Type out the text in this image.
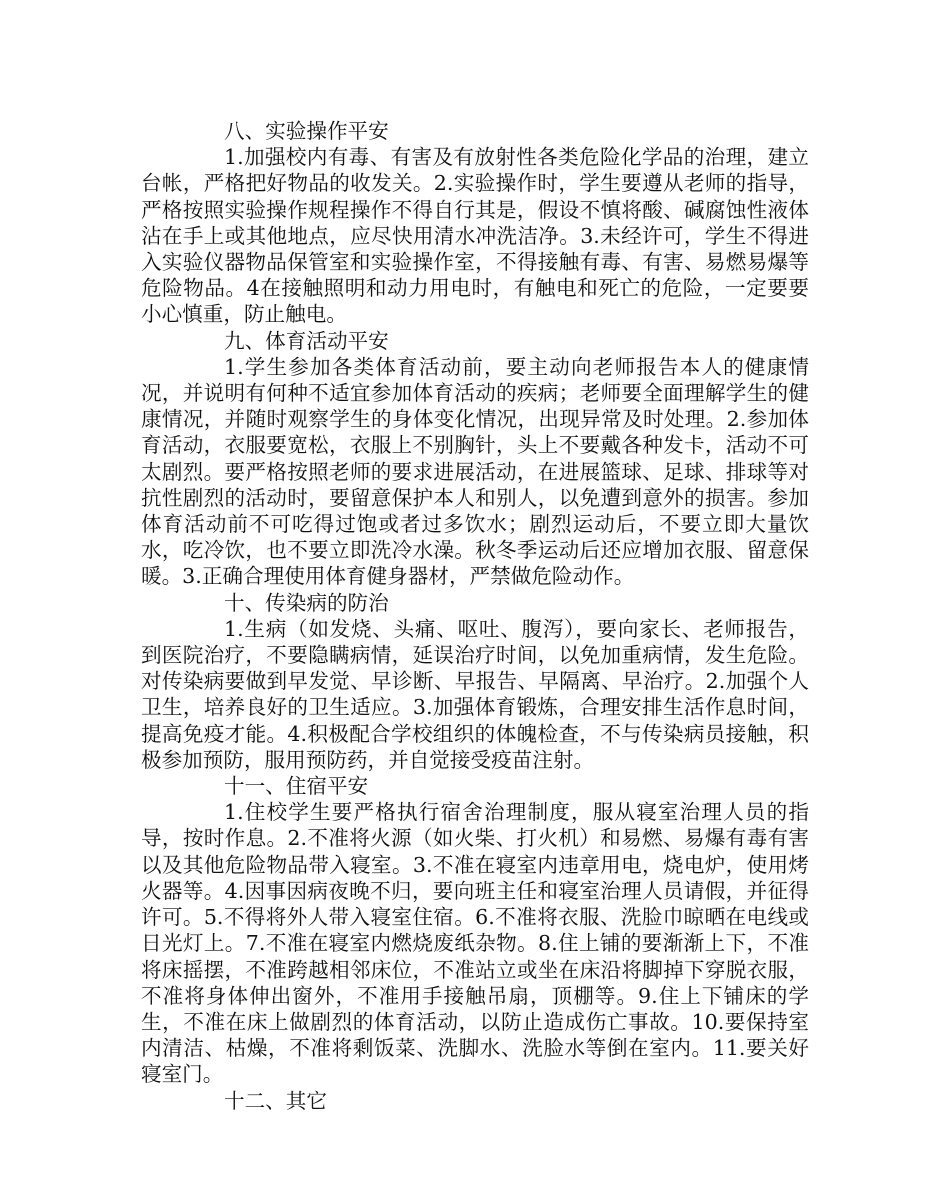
八、实验操作平安

1.加强校内有毒、有害及有放射性各类危险化学品的治理，建立台帐，严格把好物品的收发关。2.实验操作时，学生要遵从老师的指导，严格按照实验操作规程操作不得自行其是，假设不慎将酸、碱腐蚀性液体沾在手上或其他地点，应尽快用清水冲洗洁净。3.未经许可，学生不得进入实验仪器物品保管室和实验操作室，不得接触有毒、有害、易燃易爆等危险物品。4在接触照明和动力用电时，有触电和死亡的危险，一定要要小心慎重，防止触电。

九、体育活动平安

1.学生参加各类体育活动前，要主动向老师报告本人的健康情况，并说明有何种不适宜参加体育活动的疾病；老师要全面理解学生的健康情况，并随时观察学生的身体变化情况，出现异常及时处理。2.参加体育活动，衣服要宽松，衣服上不别胸针，头上不要戴各种发卡，活动不可太剧烈。要严格按照老师的要求进展活动，在进展篮球、足球、排球等对抗性剧烈的活动时，要留意保护本人和别人，以免遭到意外的损害。参加体育活动前不可吃得过饱或者过多饮水；剧烈运动后，不要立即大量饮水，吃冷饮，也不要立即洗冷水澡。秋冬季运动后还应增加衣服、留意保暖。3.正确合理使用体育健身器材，严禁做危险动作。

十、传染病的防治

1.生病（如发烧、头痛、呕吐、腹泻），要向家长、老师报告，到医院治疗，不要隐瞒病情，延误治疗时间，以免加重病情，发生危险。对传染病要做到早发觉、早诊断、早报告、早隔离、早治疗。2.加强个人卫生，培养良好的卫生适应。3.加强体育锻炼，合理安排生活作息时间，提高免疫才能。4.积极配合学校组织的体魄检查，不与传染病员接触，积极参加预防，服用预防药，并自觉接受疫苗注射。

十一、住宿平安

1.住校学生要严格执行宿舍治理制度，服从寝室治理人员的指导，按时作息。2.不准将火源（如火柴、打火机）和易燃、易爆有毒有害以及其他危险物品带入寝室。3.不准在寝室内违章用电，烧电炉，使用烤火器等。4.因事因病夜晚不归，要向班主任和寝室治理人员请假，并征得许可。5.不得将外人带入寝室住宿。6.不准将衣服、洗脸巾晾晒在电线或日光灯上。7.不准在寝室内燃烧废纸杂物。8.住上铺的要渐渐上下，不准将床摇摆，不准跨越相邻床位，不准站立或坐在床沿将脚掉下穿脱衣服，不准将身体伸出窗外，不准用手接触吊扇，顶棚等。9.住上下铺床的学生，不准在床上做剧烈的体育活动，以防止造成伤亡事故。10.要保持室内清洁、枯燥，不准将剩饭菜、洗脚水、洗脸水等倒在室内。11.要关好寝室门。

十二、其它
